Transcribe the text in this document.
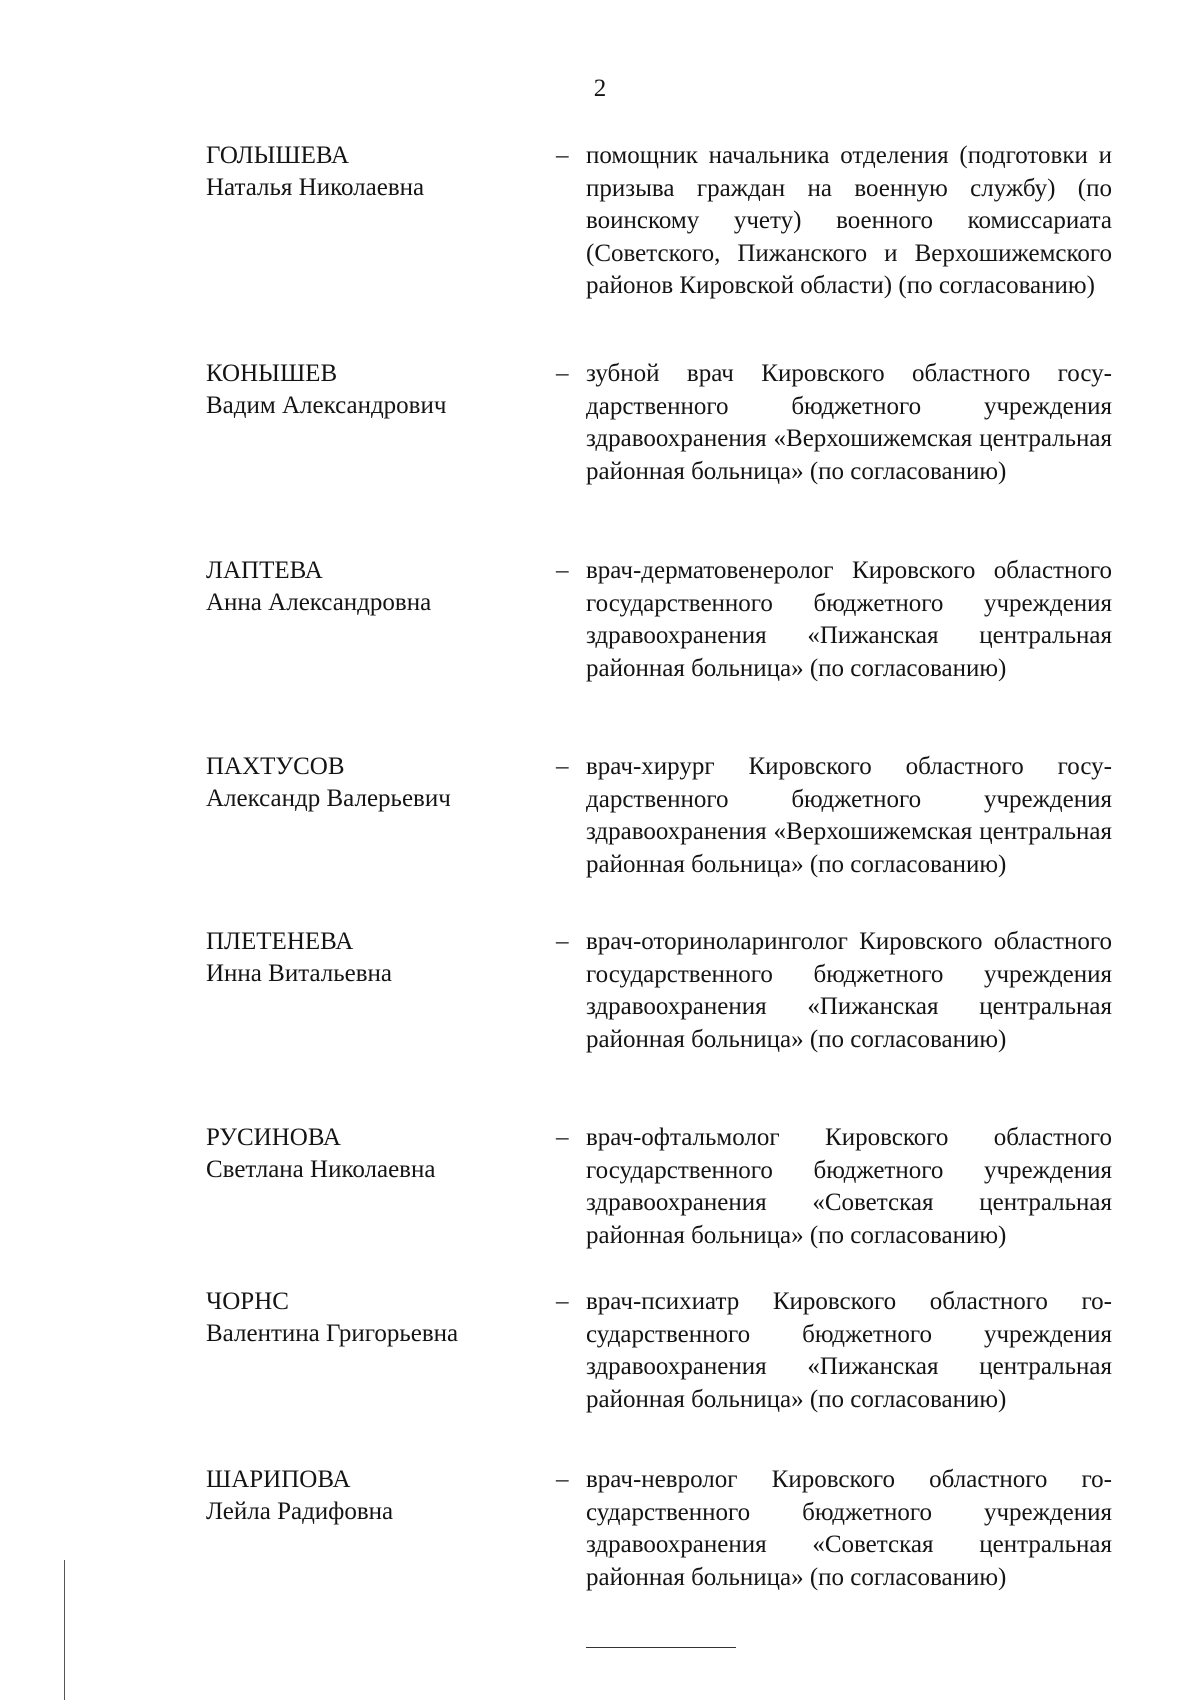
2
ГОЛЫШЕВА
Наталья Николаевна
– помощник начальника отделения (подготовки и призыва граждан на военную службу) (по воинскому учету) военного комиссариата (Советского, Пижанского и Верхошижемского районов Кировской области) (по согласованию)
КОНЫШЕВ
Вадим Александрович
– зубной врач Кировского областного государственного бюджетного учреждения здравоохранения «Верхошижемская центральная районная больница» (по согласованию)
ЛАПТЕВА
Анна Александровна
– врач-дерматовенеролог Кировского областного государственного бюджетного учреждения здравоохранения «Пижанская центральная районная больница» (по согласованию)
ПАХТУСОВ
Александр Валерьевич
– врач-хирург Кировского областного государственного бюджетного учреждения здравоохранения «Верхошижемская центральная районная больница» (по согласованию)
ПЛЕТЕНЕВА
Инна Витальевна
– врач-оториноларинголог Кировского областного государственного бюджетного учреждения здравоохранения «Пижанская центральная районная больница» (по согласованию)
РУСИНОВА
Светлана Николаевна
– врач-офтальмолог Кировского областного государственного бюджетного учреждения здравоохранения «Советская центральная районная больница» (по согласованию)
ЧОРНС
Валентина Григорьевна
– врач-психиатр Кировского областного государственного бюджетного учреждения здравоохранения «Пижанская центральная районная больница» (по согласованию)
ШАРИПОВА
Лейла Радифовна
– врач-невролог Кировского областного государственного бюджетного учреждения здравоохранения «Советская центральная районная больница» (по согласованию)
